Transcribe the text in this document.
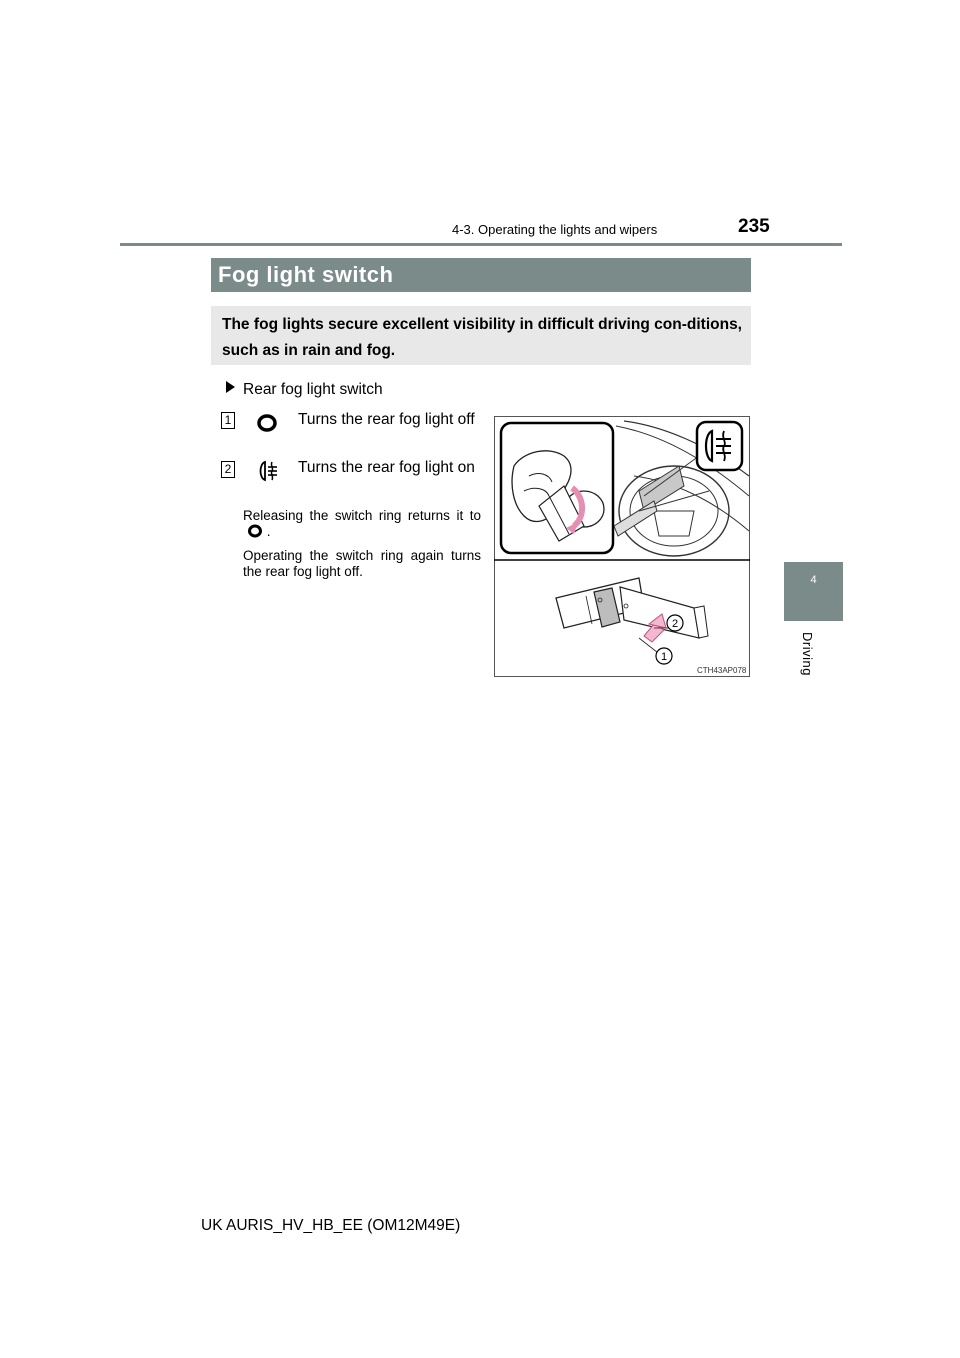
4-3. Operating the lights and wipers	235
4
Driving
Fog light switch
The fog lights secure excellent visibility in difficult driving con-ditions, such as in rain and fog.
Rear fog light switch
1	Turns the rear fog light off
2	Turns the rear fog light on
Releasing the switch ring returns it to  .
Operating the switch ring again turns the rear fog light off.
2
1
CTH43AP078
UK AURIS_HV_HB_EE (OM12M49E)
